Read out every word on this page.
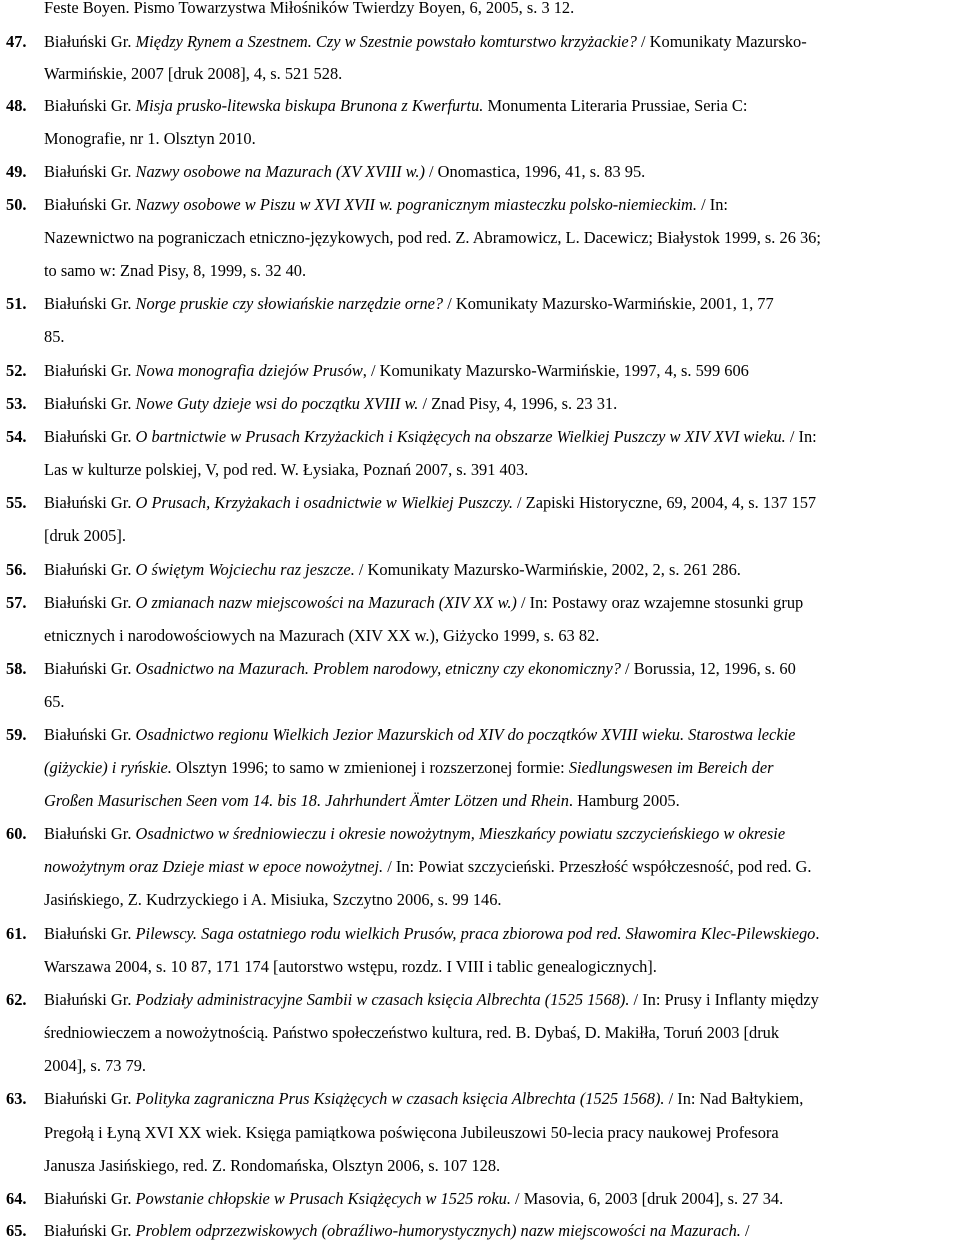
Feste Boyen. Pismo Towarzystwa Miłośników Twierdzy Boyen, 6, 2005, s. 3 12.
47. Białuński Gr. Między Rynem a Szestnem. Czy w Szestnie powstało komturstwo krzyżackie? / Komunikaty Mazursko-
Warmińskie, 2007 [druk 2008], 4, s. 521 528.
48. Białuński Gr. Misja prusko-litewska biskupa Brunona z Kwerfurtu. Monumenta Literaria Prussiae, Seria C:
Monografie, nr 1. Olsztyn 2010.
49. Białuński Gr. Nazwy osobowe na Mazurach (XV XVIII w.) / Onomastica, 1996, 41, s. 83 95.
50. Białuński Gr. Nazwy osobowe w Piszu w XVI XVII w. pogranicznym miasteczku polsko-niemieckim. / In:
Nazewnictwo na pograniczach etniczno-językowych, pod red. Z. Abramowicz, L. Dacewicz; Białystok 1999, s. 26 36;
to samo w: Znad Pisy, 8, 1999, s. 32 40.
51. Białuński Gr. Norge pruskie czy słowiańskie narzędzie orne? / Komunikaty Mazursko-Warmińskie, 2001, 1, 77
85.
52. Białuński Gr. Nowa monografia dziejów Prusów, / Komunikaty Mazursko-Warmińskie, 1997, 4, s. 599 606
53. Białuński Gr. Nowe Guty dzieje wsi do początku XVIII w. / Znad Pisy, 4, 1996, s. 23 31.
54. Białuński Gr. O bartnictwie w Prusach Krzyżackich i Książęcych na obszarze Wielkiej Puszczy w XIV XVI wieku. / In:
Las w kulturze polskiej, V, pod red. W. Łysiaka, Poznań 2007, s. 391 403.
55. Białuński Gr. O Prusach, Krzyżakach i osadnictwie w Wielkiej Puszczy. / Zapiski Historyczne, 69, 2004, 4, s. 137 157
[druk 2005].
56. Białuński Gr. O świętym Wojciechu raz jeszcze. / Komunikaty Mazursko-Warmińskie, 2002, 2, s. 261 286.
57. Białuński Gr. O zmianach nazw miejscowości na Mazurach (XIV XX w.) / In: Postawy oraz wzajemne stosunki grup
etnicznych i narodowościowych na Mazurach (XIV XX w.), Giżycko 1999, s. 63 82.
58. Białuński Gr. Osadnictwo na Mazurach. Problem narodowy, etniczny czy ekonomiczny? / Borussia, 12, 1996, s. 60
65.
59. Białuński Gr. Osadnictwo regionu Wielkich Jezior Mazurskich od XIV do początków XVIII wieku. Starostwa leckie
(giżyckie) i ryńskie. Olsztyn 1996; to samo w zmienionej i rozszerzonej formie: Siedlungswesen im Bereich der
Großen Masurischen Seen vom 14. bis 18. Jahrhundert Ämter Lötzen und Rhein. Hamburg 2005.
60. Białuński Gr. Osadnictwo w średniowieczu i okresie nowożytnym, Mieszkańcy powiatu szczycieńskiego w okresie
nowożytnym oraz Dzieje miast w epoce nowożytnej. / In: Powiat szczycieński. Przeszłość współczesność, pod red. G.
Jasińskiego, Z. Kudrzyckiego i A. Misiuka, Szczytno 2006, s. 99 146.
61. Białuński Gr. Pilewscy. Saga ostatniego rodu wielkich Prusów, praca zbiorowa pod red. Sławomira Klec-Pilewskiego.
Warszawa 2004, s. 10 87, 171 174 [autorstwo wstępu, rozdz. I VIII i tablic genealogicznych].
62. Białuński Gr. Podziały administracyjne Sambii w czasach księcia Albrechta (1525 1568). / In: Prusy i Inflanty między
średniowieczem a nowożytnością. Państwo społeczeństwo kultura, red. B. Dybaś, D. Makiłła, Toruń 2003 [druk
2004], s. 73 79.
63. Białuński Gr. Polityka zagraniczna Prus Książęcych w czasach księcia Albrechta (1525 1568). / In: Nad Bałtykiem,
Pregołą i Łyną XVI XX wiek. Księga pamiątkowa poświęcona Jubileuszowi 50-lecia pracy naukowej Profesora
Janusza Jasińskiego, red. Z. Rondomańska, Olsztyn 2006, s. 107 128.
64. Białuński Gr. Powstanie chłopskie w Prusach Książęcych w 1525 roku. / Masovia, 6, 2003 [druk 2004], s. 27 34.
65. Białuński Gr. Problem odprzezwiskowych (obraźliwo-humorystycznych) nazw miejscowości na Mazurach. /
